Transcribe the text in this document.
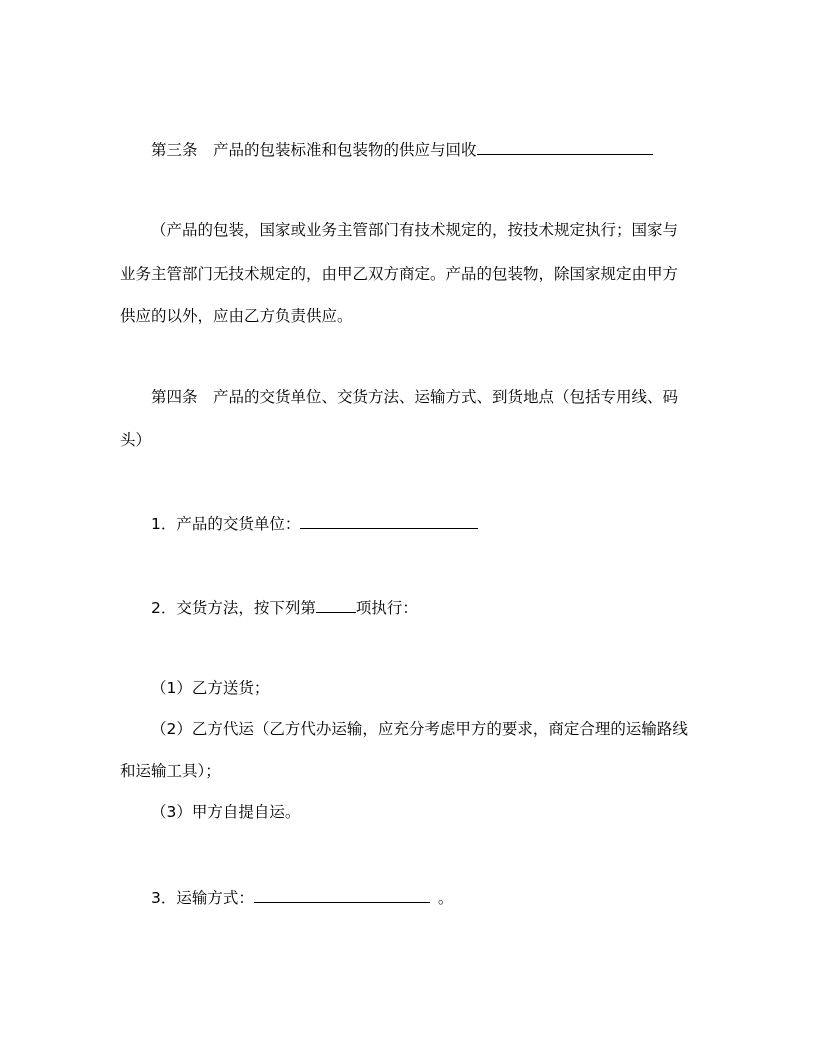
第三条　产品的包装标准和包装物的供应与回收
（产品的包装，国家或业务主管部门有技术规定的，按技术规定执行；国家与
业务主管部门无技术规定的，由甲乙双方商定。产品的包装物，除国家规定由甲方
供应的以外，应由乙方负责供应。
第四条　产品的交货单位、交货方法、运输方式、到货地点（包括专用线、码
头）
1．产品的交货单位：
2．交货方法，按下列第	项执行：
（1）乙方送货；
（2）乙方代运（乙方代办运输，应充分考虑甲方的要求，商定合理的运输路线
和运输工具）；
（3）甲方自提自运。
3．运输方式：	。
